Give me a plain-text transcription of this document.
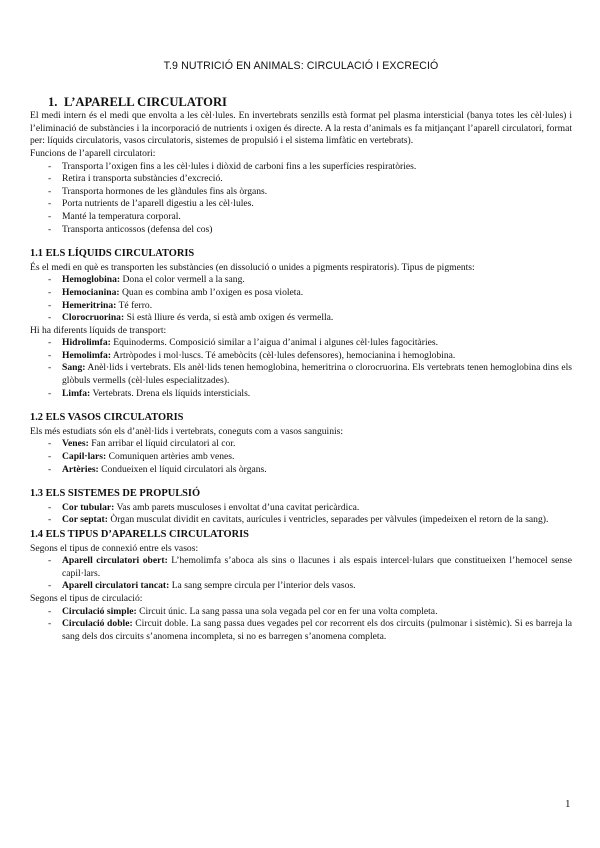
T.9 NUTRICIÓ EN ANIMALS: CIRCULACIÓ I EXCRECIÓ
1. L’APARELL CIRCULATORI

El medi intern és el medi que envolta a les cèl·lules. En invertebrats senzills està format pel plasma intersticial (banya totes les cèl·lules) i l’eliminació de substàncies i la incorporació de nutrients i oxigen és directe. A la resta d’animals es fa mitjançant l’aparell circulatori, format per: líquids circulatoris, vasos circulatoris, sistemes de propulsió i el sistema limfàtic en vertebrats).

Funcions de l’aparell circulatori:

- Transporta l’oxigen fins a les cèl·lules i diòxid de carboni fins a les superfícies respiratòries.
- Retira i transporta substàncies d’excreció.
- Transporta hormones de les glàndules fins als òrgans.
- Porta nutrients de l’aparell digestiu a les cèl·lules.
- Manté la temperatura corporal.
- Transporta anticossos (defensa del cos)
1.1 ELS LÍQUIDS CIRCULATORIS

És el medi en què es transporten les substàncies (en dissolució o unides a pigments respiratoris). Tipus de pigments:

- Hemoglobina: Dona el color vermell a la sang.
- Hemocianina: Quan es combina amb l’oxigen es posa violeta.
- Hemeritrina: Té ferro.
- Clorocruorina: Si està lliure és verda, si està amb oxigen és vermella.

Hi ha diferents líquids de transport:

- Hidrolimfa: Equinoderms. Composició similar a l’aigua d’animal i algunes cèl·lules fagocitàries.
- Hemolimfa: Artròpodes i mol·luscs. Té amebòcits (cèl·lules defensores), hemocianina i hemoglobina.
- Sang: Anèl·lids i vertebrats. Els anèl·lids tenen hemoglobina, hemeritrina o clorocruorina. Els vertebrats tenen hemoglobina dins els glòbuls vermells (cèl·lules especialitzades).
- Limfa: Vertebrats. Drena els líquids intersticials.
1.2 ELS VASOS CIRCULATORIS

Els més estudiats són els d’anèl·lids i vertebrats, coneguts com a vasos sanguinis:

- Venes: Fan arribar el líquid circulatori al cor.
- Capil·lars: Comuniquen artèries amb venes.
- Artèries: Condueixen el líquid circulatori als òrgans.
1.3 ELS SISTEMES DE PROPULSIÓ
- Cor tubular: Vas amb parets musculoses i envoltat d’una cavitat pericàrdica.
- Cor septat: Òrgan musculat dividit en cavitats, aurícules i ventricles, separades per vàlvules (impedeixen el retorn de la sang).
1.4 ELS TIPUS D’APARELLS CIRCULATORIS

Segons el tipus de connexió entre els vasos:

- Aparell circulatori obert: L’hemolimfa s’aboca als sins o llacunes i als espais intercel·lulars que constitueixen l’hemocel sense capil·lars.
- Aparell circulatori tancat: La sang sempre circula per l’interior dels vasos.

Segons el tipus de circulació:

- Circulació simple: Circuit únic. La sang passa una sola vegada pel cor en fer una volta completa.
- Circulació doble: Circuit doble. La sang passa dues vegades pel cor recorrent els dos circuits (pulmonar i sistèmic). Si es barreja la sang dels dos circuits s’anomena incompleta, si no es barregen s’anomena completa.
1
